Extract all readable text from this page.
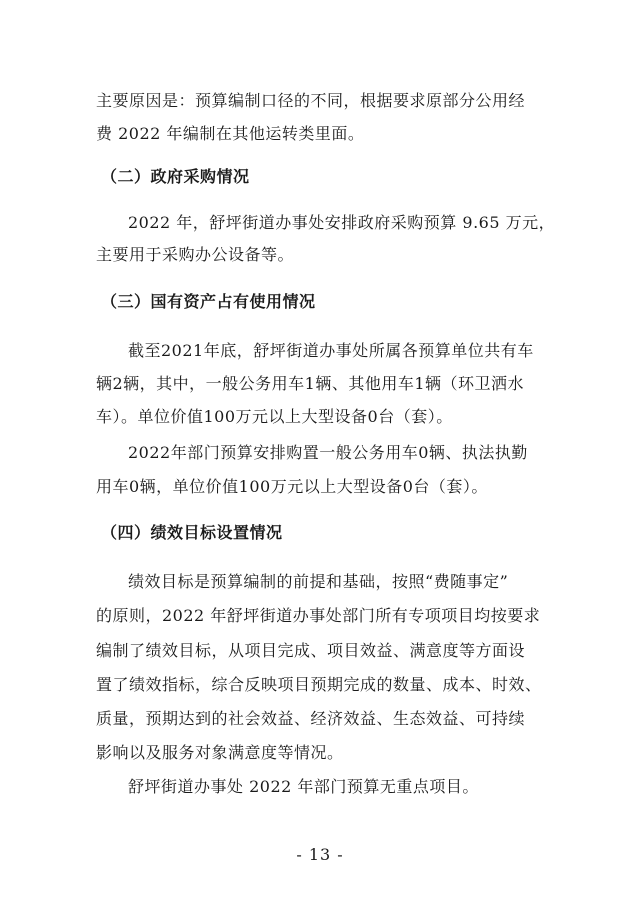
主要原因是：预算编制口径的不同，根据要求原部分公用经
费 2022 年编制在其他运转类里面。
（二）政府采购情况
2022 年，舒坪街道办事处安排政府采购预算 9.65 万元，
主要用于采购办公设备等。
（三）国有资产占有使用情况
截至2021年底，舒坪街道办事处所属各预算单位共有车
辆2辆，其中，一般公务用车1辆、其他用车1辆（环卫洒水
车）。单位价值100万元以上大型设备0台（套）。
2022年部门预算安排购置一般公务用车0辆、执法执勤
用车0辆，单位价值100万元以上大型设备0台（套）。
（四）绩效目标设置情况
绩效目标是预算编制的前提和基础，按照“费随事定”
的原则，2022 年舒坪街道办事处部门所有专项项目均按要求
编制了绩效目标，从项目完成、项目效益、满意度等方面设
置了绩效指标，综合反映项目预期完成的数量、成本、时效、
质量，预期达到的社会效益、经济效益、生态效益、可持续
影响以及服务对象满意度等情况。
舒坪街道办事处 2022 年部门预算无重点项目。
- 13 -
